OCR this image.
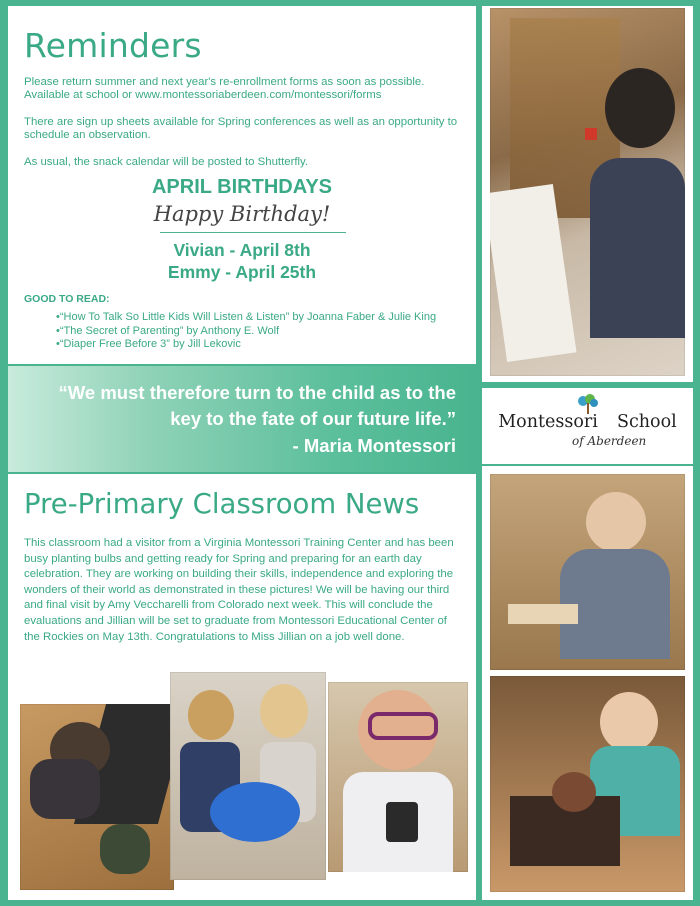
Reminders

Please return summer and next year's re-enrollment forms as soon as possible. Available at school or www.montessoriaberdeen.com/montessori/forms

There are sign up sheets available for Spring conferences as well as an opportunity to schedule an observation.

As usual, the snack calendar will be posted to Shutterfly.

APRIL BIRTHDAYS

Happy Birthday!

Vivian - April 8th

Emmy - April 25th

GOOD TO READ:

• “How To Talk So Little Kids Will Listen & Listen” by Joanna Faber & Julie King
• “The Secret of Parenting” by Anthony E. Wolf
• “Diaper Free Before 3” by Jill Lekovic

“We must therefore turn to the child as to the

key to the fate of our future life.”

- Maria Montessori

Montessori School
of Aberdeen
Pre-Primary Classroom News

This classroom had a visitor from a Virginia Montessori Training Center and has been busy planting bulbs and getting ready for Spring and preparing for an earth day celebration. They are working on building their skills, independence and exploring the wonders of their world as demonstrated in these pictures! We will be having our third and final visit by Amy Veccharelli from Colorado next week. This will conclude the evaluations and Jillian will be set to graduate from Montessori Educational Center of the Rockies on May 13th. Congratulations to Miss Jillian on a job well done.
